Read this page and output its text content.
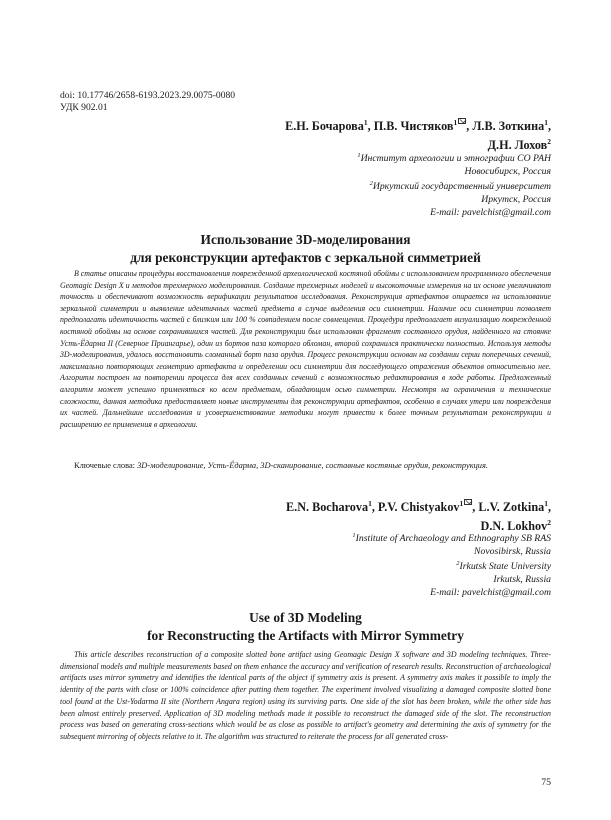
doi: 10.17746/2658-6193.2023.29.0075-0080
УДК 902.01
Е.Н. Бочарова$^1$, П.В. Чистяков$^1$ , Л.В. Зоткина$^1$,
Д.Н. Лохов$^2$
$^1$Институт археологии и этнографии СО РАН
Новосибирск, Россия
$^2$Иркутский государственный университет
Иркутск, Россия
E-mail: pavelchist@gmail.com
Использование 3D-моделирования
для реконструкции артефактов с зеркальной симметрией
В статье описаны процедуры восстановления поврежденной археологической костяной обоймы с использованием программного обеспечения Geomagic Design X и методов трехмерного моделирования. Создание трехмерных моделей и высокоточные измерения на их основе увеличивают точность и обеспечивают возможность верификации результатов исследования. Реконструкция артефактов опирается на использование зеркальной симметрии и выявление идентичных частей предмета в случае выделения оси симметрии. Наличие оси симметрии позволяет предполагать идентичность частей с близким или 100 % совпадением после совмещения. Процедура предполагает визуализацию поврежденной костяной обоймы на основе сохранившихся частей. Для реконструкции был использован фрагмент составного орудия, найденного на стоянке Усть-Ёдарма II (Северное Приангарье), один из бортов паза которого обломан, второй сохранился практически полностью. Используя методы 3D-моделирования, удалось восстановить сломанный борт паза орудия. Процесс реконструкции основан на создании серии поперечных сечений, максимально повторяющих геометрию артефакта и определении оси симметрии для последующего отражения объектов относительно нее. Алгоритм построен на повторении процесса для всех созданных сечений с возможностью редактирования в ходе работы. Предложенный алгоритм может успешно применяться ко всем предметам, обладающим осью симметрии. Несмотря на ограничения и технические сложности, данная методика предоставляет новые инструменты для реконструкции артефактов, особенно в случаях утери или повреждения их частей. Дальнейшие исследования и усовершенствование методики могут привести к более точным результатам реконструкции и расширению ее применения в археологии.
Ключевые слова: 3D-моделирование, Усть-Ёдарма, 3D-сканирование, составные костяные орудия, реконструкция.
E.N. Bocharova$^1$, P.V. Chistyakov$^1$ , L.V. Zotkina$^1$,
D.N. Lokhov$^2$
$^1$Institute of Archaeology and Ethnography SB RAS
Novosibirsk, Russia
$^2$Irkutsk State University
Irkutsk, Russia
E-mail: pavelchist@gmail.com
Use of 3D Modeling
for Reconstructing the Artifacts with Mirror Symmetry
This article describes reconstruction of a composite slotted bone artifact using Geomagic Design X software and 3D modeling techniques. Three-dimensional models and multiple measurements based on them enhance the accuracy and verification of research results. Reconstruction of archaeological artifacts uses mirror symmetry and identifies the identical parts of the object if symmetry axis is present. A symmetry axis makes it possible to imply the identity of the parts with close or 100% coincidence after putting them together. The experiment involved visualizing a damaged composite slotted bone tool found at the Ust-Yodarma II site (Northern Angara region) using its surviving parts. One side of the slot has been broken, while the other side has been almost entirely preserved. Application of 3D modeling methods made it possible to reconstruct the damaged side of the slot. The reconstruction process was based on generating cross-sections which would be as close as possible to artifact's geometry and determining the axis of symmetry for the subsequent mirroring of objects relative to it. The algorithm was structured to reiterate the process for all generated cross-
75
